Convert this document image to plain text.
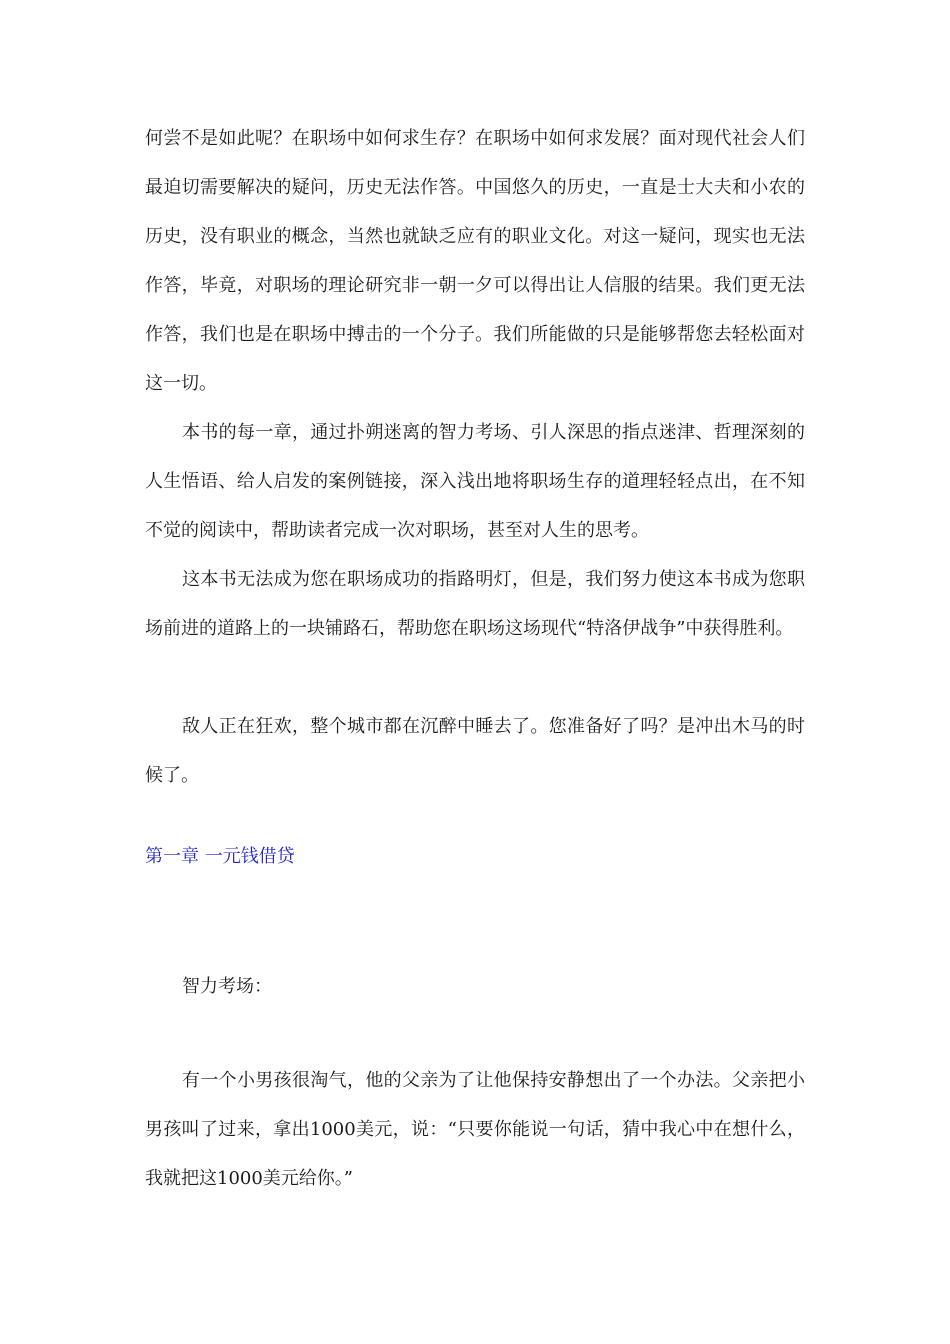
何尝不是如此呢？在职场中如何求生存？在职场中如何求发展？面对现代社会人们最迫切需要解决的疑问，历史无法作答。中国悠久的历史，一直是士大夫和小农的历史，没有职业的概念，当然也就缺乏应有的职业文化。对这一疑问，现实也无法作答，毕竟，对职场的理论研究非一朝一夕可以得出让人信服的结果。我们更无法作答，我们也是在职场中搏击的一个分子。我们所能做的只是能够帮您去轻松面对这一切。

本书的每一章，通过扑朔迷离的智力考场、引人深思的指点迷津、哲理深刻的人生悟语、给人启发的案例链接，深入浅出地将职场生存的道理轻轻点出，在不知不觉的阅读中，帮助读者完成一次对职场，甚至对人生的思考。

这本书无法成为您在职场成功的指路明灯，但是，我们努力使这本书成为您职场前进的道路上的一块铺路石，帮助您在职场这场现代“特洛伊战争”中获得胜利。

敌人正在狂欢，整个城市都在沉醉中睡去了。您准备好了吗？是冲出木马的时候了。

第一章 一元钱借贷

智力考场：

有一个小男孩很淘气，他的父亲为了让他保持安静想出了一个办法。父亲把小男孩叫了过来，拿出1000美元，说：“只要你能说一句话，猜中我心中在想什么，我就把这1000美元给你。”
